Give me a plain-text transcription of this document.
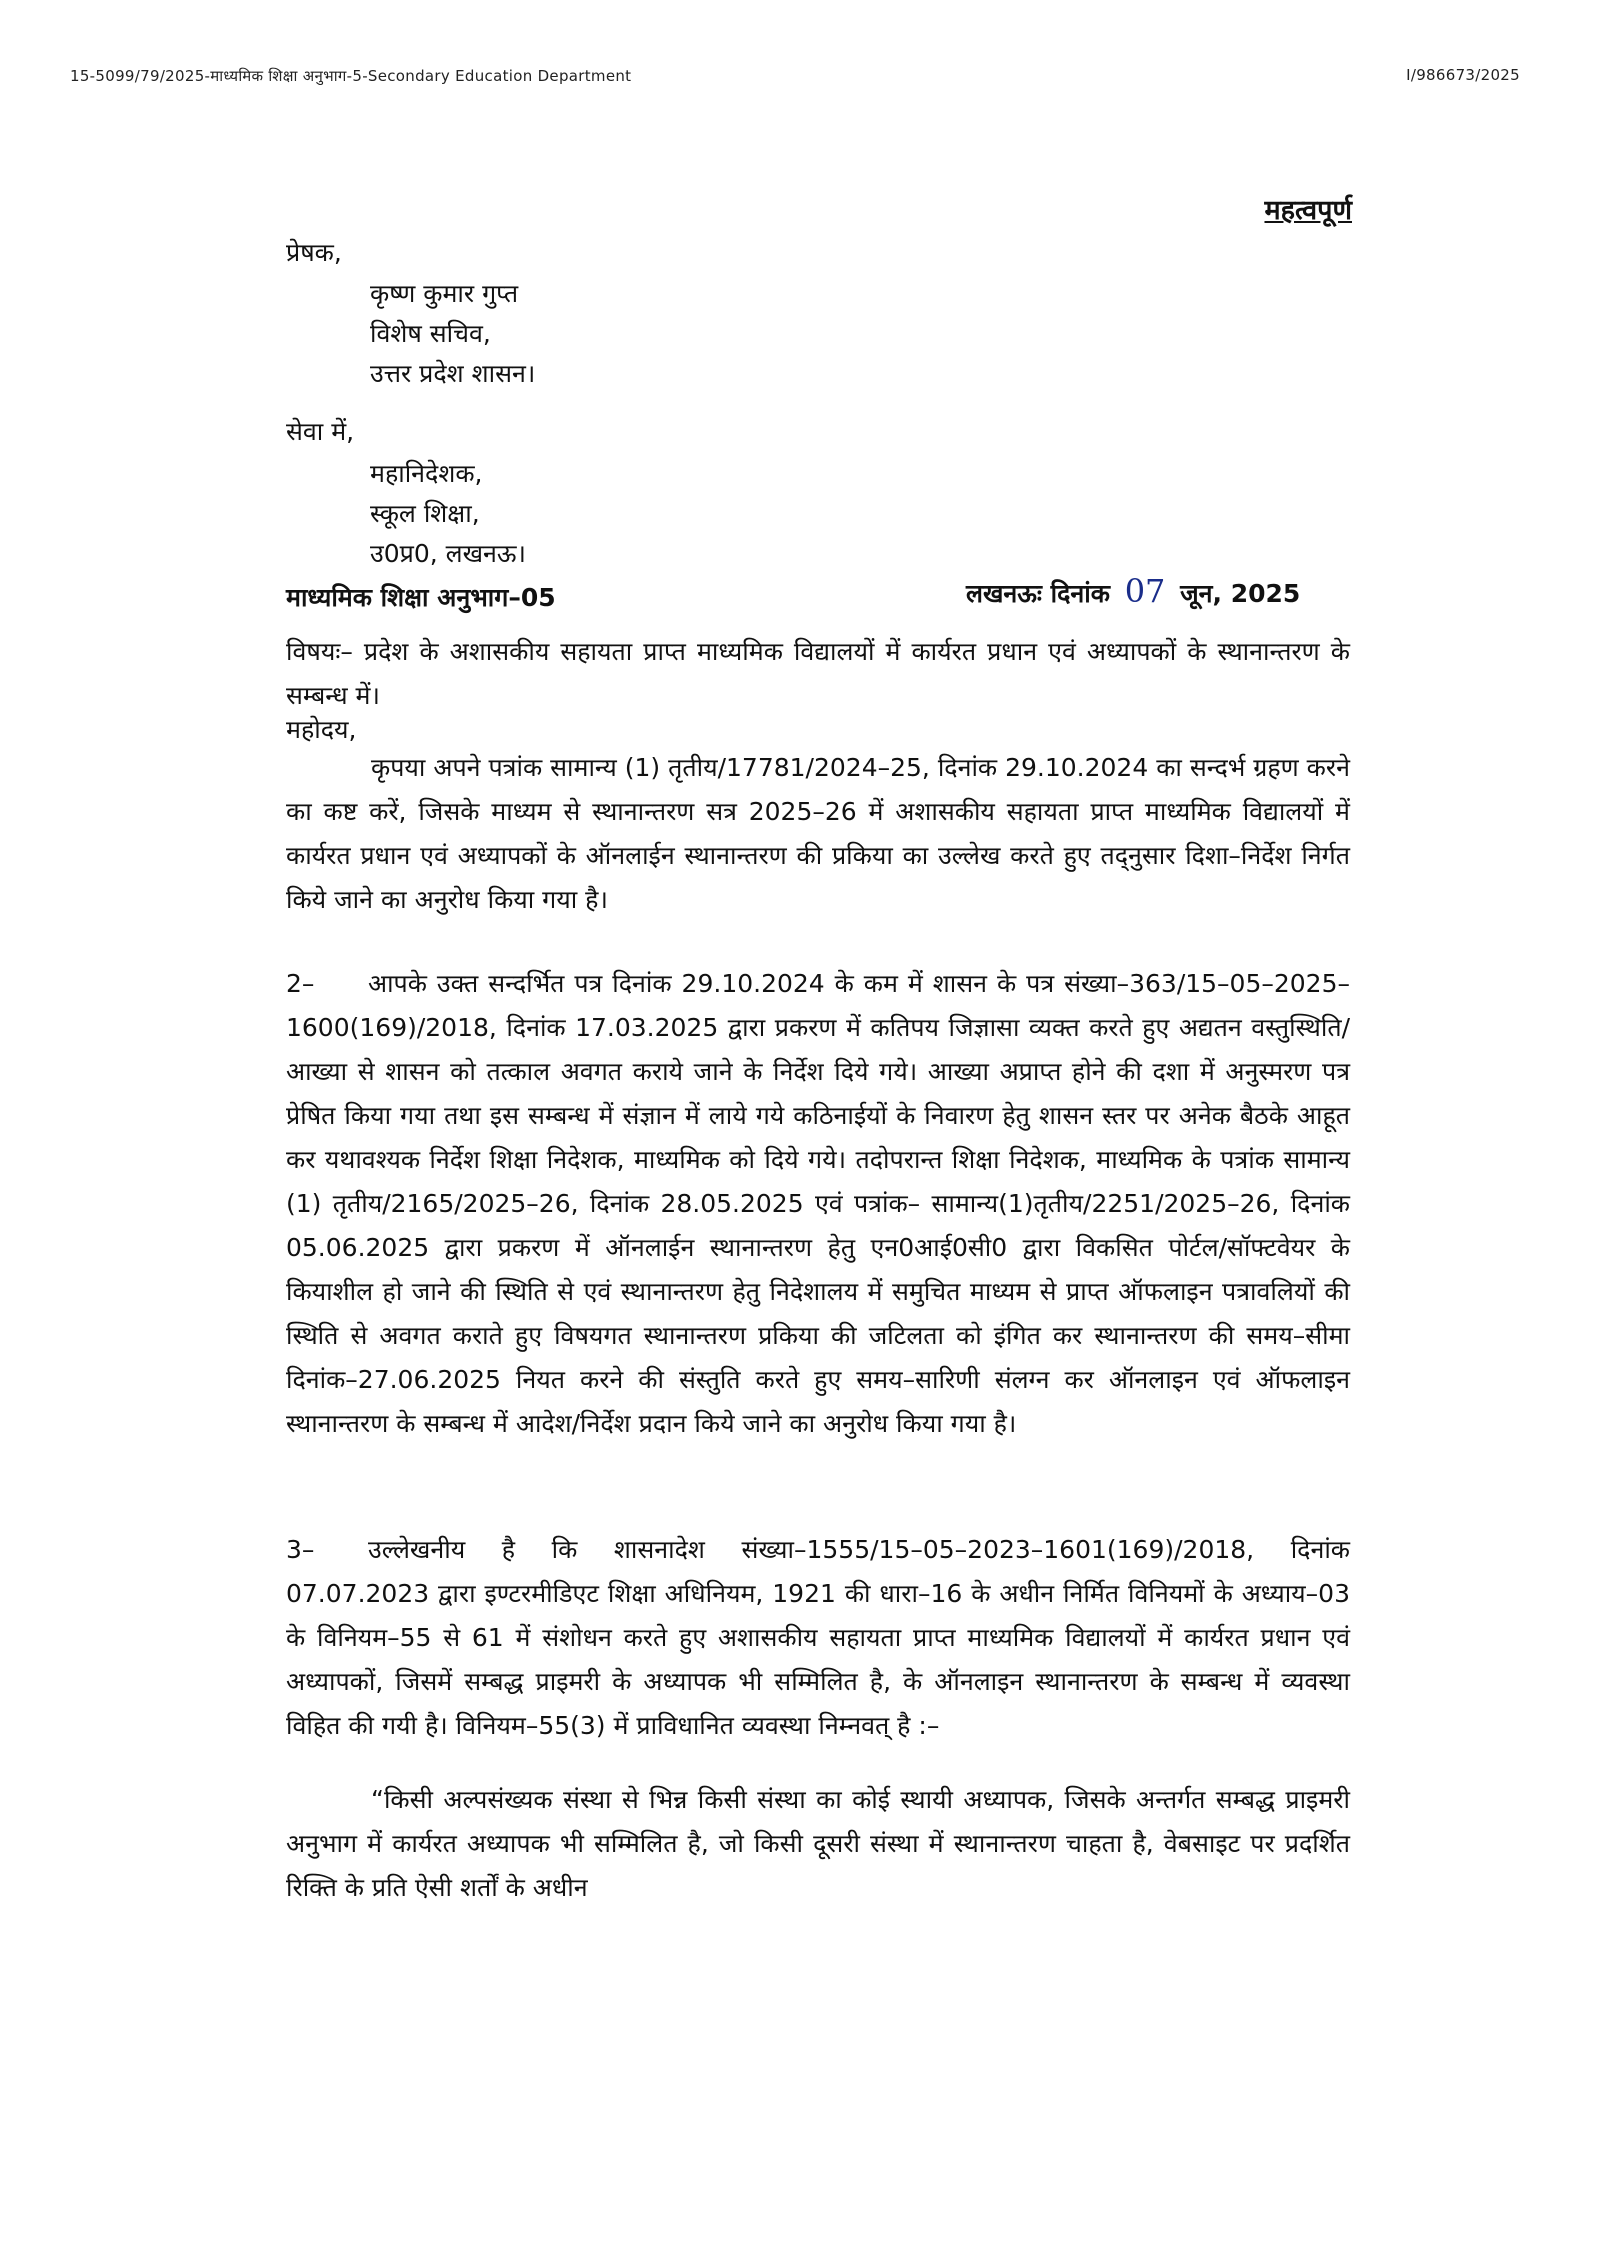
15-5099/79/2025-माध्यमिक शिक्षा अनुभाग-5-Secondary Education Department	I/986673/2025
महत्वपूर्ण
प्रेषक,
कृष्ण कुमार गुप्त
विशेष सचिव,
उत्तर प्रदेश शासन।
सेवा में,
महानिदेशक,
स्कूल शिक्षा,
उ0प्र0, लखनऊ।
माध्यमिक शिक्षा अनुभाग–05	लखनऊः दिनांक 07 जून, 2025
विषयः– प्रदेश के अशासकीय सहायता प्राप्त माध्यमिक विद्यालयों में कार्यरत प्रधान एवं अध्यापकों के स्थानान्तरण के सम्बन्ध में।
महोदय,
कृपया अपने पत्रांक सामान्य (1) तृतीय/17781/2024–25, दिनांक 29.10.2024 का सन्दर्भ ग्रहण करने का कष्ट करें, जिसके माध्यम से स्थानान्तरण सत्र 2025–26 में अशासकीय सहायता प्राप्त माध्यमिक विद्यालयों में कार्यरत प्रधान एवं अध्यापकों के ऑनलाईन स्थानान्तरण की प्रकिया का उल्लेख करते हुए तद्नुसार दिशा–निर्देश निर्गत किये जाने का अनुरोध किया गया है।
2– आपके उक्त सन्दर्भित पत्र दिनांक 29.10.2024 के कम में शासन के पत्र संख्या–363/15–05–2025–1600(169)/2018, दिनांक 17.03.2025 द्वारा प्रकरण में कतिपय जिज्ञासा व्यक्त करते हुए अद्यतन वस्तुस्थिति/आख्या से शासन को तत्काल अवगत कराये जाने के निर्देश दिये गये। आख्या अप्राप्त होने की दशा में अनुस्मरण पत्र प्रेषित किया गया तथा इस सम्बन्ध में संज्ञान में लाये गये कठिनाईयों के निवारण हेतु शासन स्तर पर अनेक बैठके आहूत कर यथावश्यक निर्देश शिक्षा निदेशक, माध्यमिक को दिये गये। तदोपरान्त शिक्षा निदेशक, माध्यमिक के पत्रांक सामान्य (1) तृतीय/2165/2025–26, दिनांक 28.05.2025 एवं पत्रांक– सामान्य(1)तृतीय/2251/2025–26, दिनांक 05.06.2025 द्वारा प्रकरण में ऑनलाईन स्थानान्तरण हेतु एन0आई0सी0 द्वारा विकसित पोर्टल/सॉफ्टवेयर के कियाशील हो जाने की स्थिति से एवं स्थानान्तरण हेतु निदेशालय में समुचित माध्यम से प्राप्त ऑफलाइन पत्रावलियों की स्थिति से अवगत कराते हुए विषयगत स्थानान्तरण प्रकिया की जटिलता को इंगित कर स्थानान्तरण की समय–सीमा दिनांक–27.06.2025 नियत करने की संस्तुति करते हुए समय–सारिणी संलग्न कर ऑनलाइन एवं ऑफलाइन स्थानान्तरण के सम्बन्ध में आदेश/निर्देश प्रदान किये जाने का अनुरोध किया गया है।
3– उल्लेखनीय है कि शासनादेश संख्या–1555/15–05–2023–1601(169)/2018, दिनांक 07.07.2023 द्वारा इण्टरमीडिएट शिक्षा अधिनियम, 1921 की धारा–16 के अधीन निर्मित विनियमों के अध्याय–03 के विनियम–55 से 61 में संशोधन करते हुए अशासकीय सहायता प्राप्त माध्यमिक विद्यालयों में कार्यरत प्रधान एवं अध्यापकों, जिसमें सम्बद्ध प्राइमरी के अध्यापक भी सम्मिलित है, के ऑनलाइन स्थानान्तरण के सम्बन्ध में व्यवस्था विहित की गयी है। विनियम–55(3) में प्राविधानित व्यवस्था निम्नवत् है :–
“किसी अल्पसंख्यक संस्था से भिन्न किसी संस्था का कोई स्थायी अध्यापक, जिसके अन्तर्गत सम्बद्ध प्राइमरी अनुभाग में कार्यरत अध्यापक भी सम्मिलित है, जो किसी दूसरी संस्था में स्थानान्तरण चाहता है, वेबसाइट पर प्रदर्शित रिक्ति के प्रति ऐसी शर्तों के अधीन
